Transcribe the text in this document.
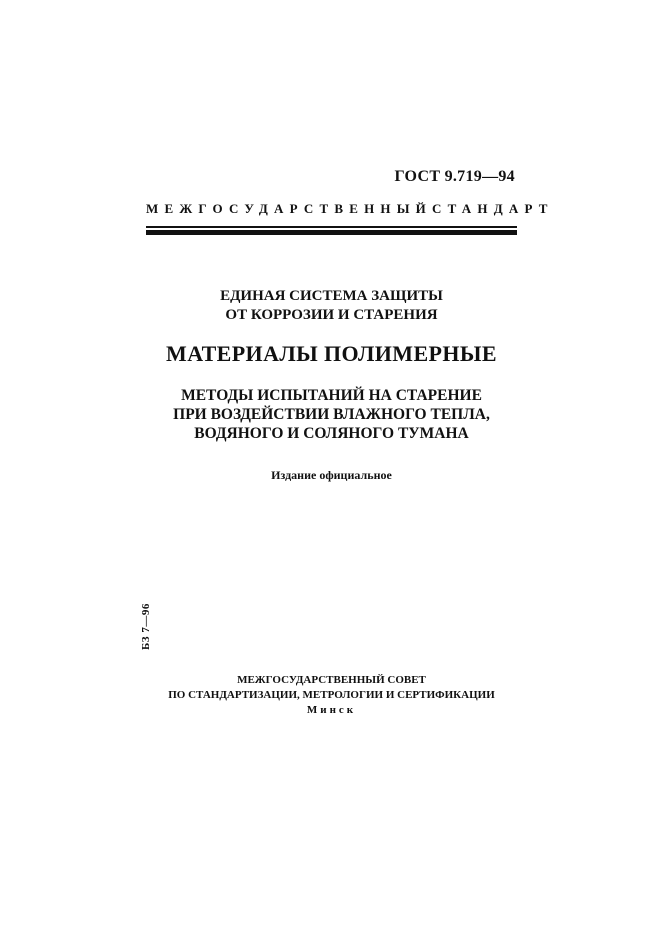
ГОСТ 9.719—94
МЕЖГОСУДАРСТВЕННЫЙ СТАНДАРТ
ЕДИНАЯ СИСТЕМА ЗАЩИТЫ
ОТ КОРРОЗИИ И СТАРЕНИЯ
МАТЕРИАЛЫ ПОЛИМЕРНЫЕ
МЕТОДЫ ИСПЫТАНИЙ НА СТАРЕНИЕ
ПРИ ВОЗДЕЙСТВИИ ВЛАЖНОГО ТЕПЛА,
ВОДЯНОГО И СОЛЯНОГО ТУМАНА
Издание официальное
БЗ 7—96
МЕЖГОСУДАРСТВЕННЫЙ СОВЕТ
ПО СТАНДАРТИЗАЦИИ, МЕТРОЛОГИИ И СЕРТИФИКАЦИИ
Минск
